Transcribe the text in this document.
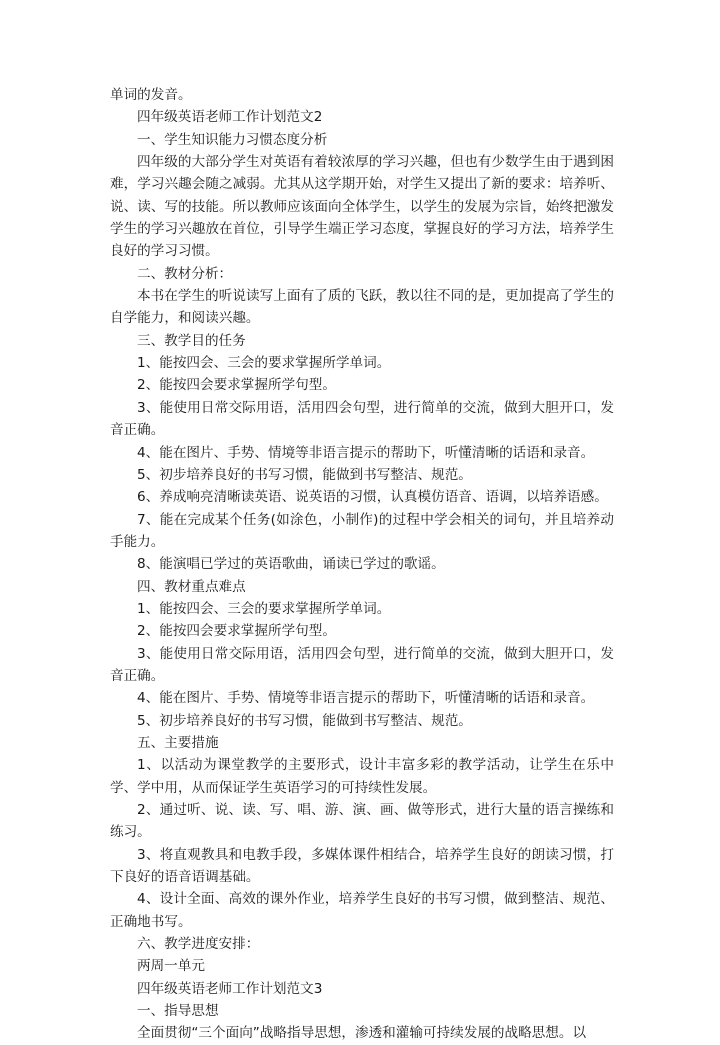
单词的发音。

四年级英语老师工作计划范文2

一、学生知识能力习惯态度分析

四年级的大部分学生对英语有着较浓厚的学习兴趣，但也有少数学生由于遇到困难，学习兴趣会随之减弱。尤其从这学期开始，对学生又提出了新的要求：培养听、说、读、写的技能。所以教师应该面向全体学生，以学生的发展为宗旨，始终把激发学生的学习兴趣放在首位，引导学生端正学习态度，掌握良好的学习方法，培养学生良好的学习习惯。

二、教材分析：

本书在学生的听说读写上面有了质的飞跃，教以往不同的是，更加提高了学生的自学能力，和阅读兴趣。

三、教学目的任务

1、能按四会、三会的要求掌握所学单词。

2、能按四会要求掌握所学句型。

3、能使用日常交际用语，活用四会句型，进行简单的交流，做到大胆开口，发音正确。

4、能在图片、手势、情境等非语言提示的帮助下，听懂清晰的话语和录音。

5、初步培养良好的书写习惯，能做到书写整洁、规范。

6、养成响亮清晰读英语、说英语的习惯，认真模仿语音、语调，以培养语感。

7、能在完成某个任务(如涂色，小制作)的过程中学会相关的词句，并且培养动手能力。

8、能演唱已学过的英语歌曲，诵读已学过的歌谣。

四、教材重点难点

1、能按四会、三会的要求掌握所学单词。

2、能按四会要求掌握所学句型。

3、能使用日常交际用语，活用四会句型，进行简单的交流，做到大胆开口，发音正确。

4、能在图片、手势、情境等非语言提示的帮助下，听懂清晰的话语和录音。

5、初步培养良好的书写习惯，能做到书写整洁、规范。

五、主要措施

1、以活动为课堂教学的主要形式，设计丰富多彩的教学活动，让学生在乐中学、学中用，从而保证学生英语学习的可持续性发展。

2、通过听、说、读、写、唱、游、演、画、做等形式，进行大量的语言操练和练习。

3、将直观教具和电教手段，多媒体课件相结合，培养学生良好的朗读习惯，打下良好的语音语调基础。

4、设计全面、高效的课外作业，培养学生良好的书写习惯，做到整洁、规范、正确地书写。

六、教学进度安排：

两周一单元

四年级英语老师工作计划范文3

一、指导思想

全面贯彻“三个面向”战略指导思想，渗透和灌输可持续发展的战略思想。以
